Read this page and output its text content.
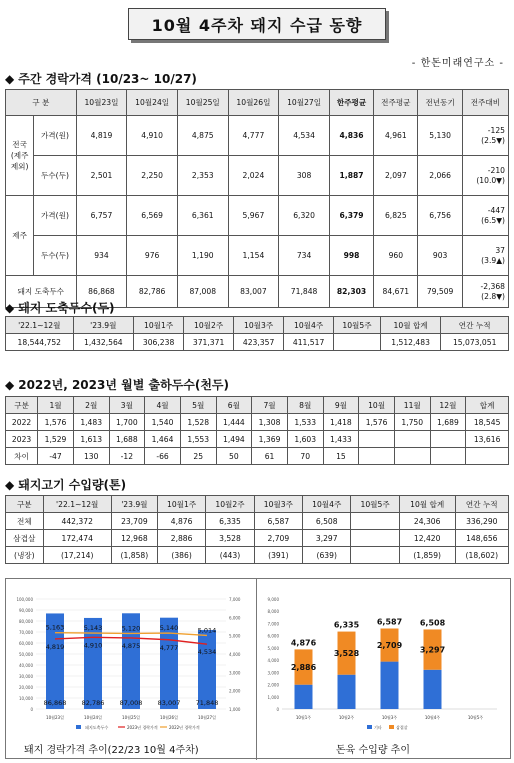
10월 4주차 돼지 수급 동향
- 한돈미래연구소 -
◆ 주간 경락가격 (10/23~ 10/27)
구 분		10월23일	10월24일	10월25일	10월26일	10월27일	한주평균	전주평균	전년동기	전주대비
전국
(제주
제외)	가격(원)	4,819	4,910	4,875	4,777	4,534	4,836	4,961	5,130	-125
(2.5▼)
	두수(두)	2,501	2,250	2,353	2,024	308	1,887	2,097	2,066	-210
(10.0▼)
제주	가격(원)	6,757	6,569	6,361	5,967	6,320	6,379	6,825	6,756	-447
(6.5▼)
	두수(두)	934	976	1,190	1,154	734	998	960	903	37
(3.9▲)
돼지 도축두수		86,868	82,786	87,008	83,007	71,848	82,303	84,671	79,509	-2,368
(2.8▼)
◆ 돼지 도축두수(두)
'22.1~12월	'23.9월	10월1주	10월2주	10월3주	10월4주	10월5주	10월 합계	연간 누적
18,544,752	1,432,564	306,238	371,371	423,357	411,517		1,512,483	15,073,051
◆ 2022년, 2023년 월별 출하두수(천두)
구분	1월	2월	3월	4월	5월	6월	7월	8월	9월	10월	11월	12월	합계
2022	1,576	1,483	1,700	1,540	1,528	1,444	1,308	1,533	1,418	1,576	1,750	1,689	18,545
2023	1,529	1,613	1,688	1,464	1,553	1,494	1,369	1,603	1,433				13,616
차이	-47	130	-12	-66	25	50	61	70	15				
◆ 돼지고기 수입량(톤)
구분	'22.1~12월	'23.9월	10월1주	10월2주	10월3주	10월4주	10월5주	10월 합계	연간 누적
전체	442,372	23,709	4,876	6,335	6,587	6,508		24,306	336,290
삼겹살	172,474	12,968	2,886	3,528	2,709	3,297		12,420	148,656
(냉장)	(17,214)	(1,858)	(386)	(443)	(391)	(639)		(1,859)	(18,602)
0
10,000
20,000
30,000
40,000
50,000
60,000
70,000
80,000
90,000
100,000
1,000
2,000
3,000
4,000
5,000
6,000
7,000
86,868
10월23일
82,786
10월24일
87,008
10월25일
83,007
10월26일
71,848
10월27일
5,163	5,143	5,120	5,140	5,014
4,819	4,910	4,875	4,777
4,534
돼지도축두수	2023년 경락가격	2022년 경락가격
0
1,000
2,000
3,000
4,000
5,000
6,000
7,000
8,000
9,000
10월1주
2,886
4,876
10월2주
3,528
6,335
10월3주
2,709
6,587
10월4주
3,297
6,508
10월5주
기타	삼겹살
돼지 경락가격 추이(22/23 10월 4주차)	돈육 수입량 추이
